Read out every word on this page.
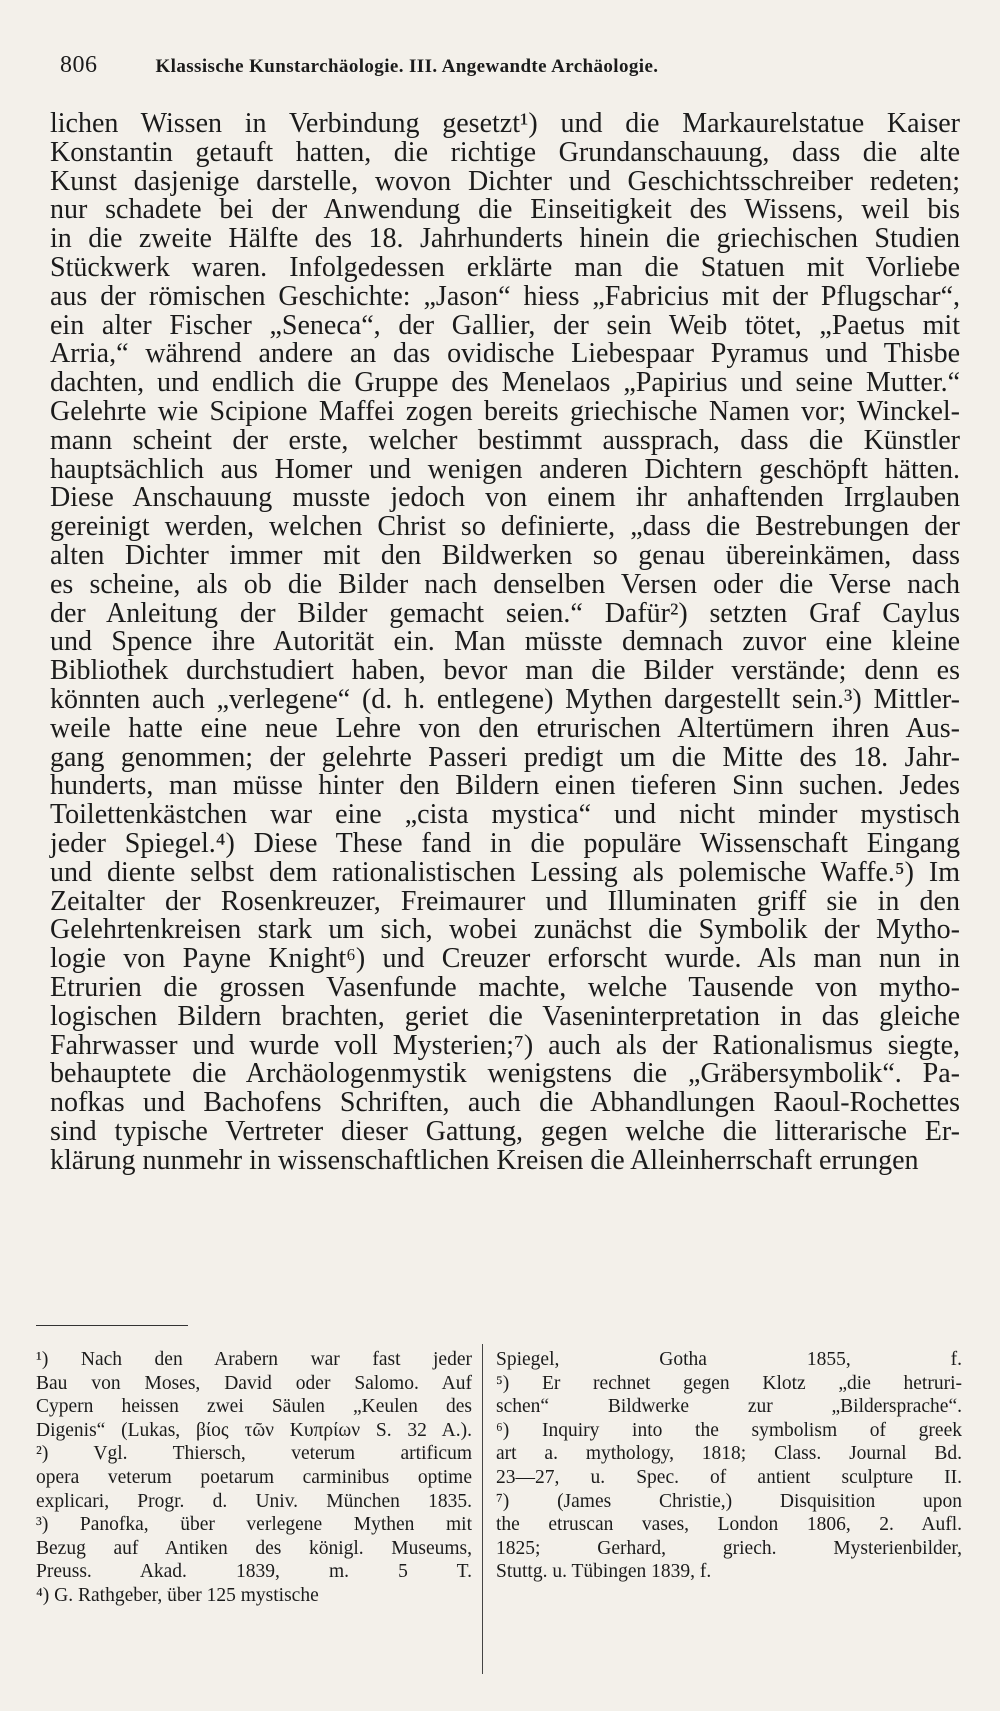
806	Klassische Kunstarchäologie. III. Angewandte Archäologie.
lichen Wissen in Verbindung gesetzt¹) und die Markaurelstatue Kaiser
Konstantin getauft hatten, die richtige Grundanschauung, dass die alte
Kunst dasjenige darstelle, wovon Dichter und Geschichtsschreiber redeten;
nur schadete bei der Anwendung die Einseitigkeit des Wissens, weil bis
in die zweite Hälfte des 18. Jahrhunderts hinein die griechischen Studien
Stückwerk waren. Infolgedessen erklärte man die Statuen mit Vorliebe
aus der römischen Geschichte: „Jason“ hiess „Fabricius mit der Pflugschar“,
ein alter Fischer „Seneca“, der Gallier, der sein Weib tötet, „Paetus mit
Arria,“ während andere an das ovidische Liebespaar Pyramus und Thisbe
dachten, und endlich die Gruppe des Menelaos „Papirius und seine Mutter.“
Gelehrte wie Scipione Maffei zogen bereits griechische Namen vor; Winckel-
mann scheint der erste, welcher bestimmt aussprach, dass die Künstler
hauptsächlich aus Homer und wenigen anderen Dichtern geschöpft hätten.
Diese Anschauung musste jedoch von einem ihr anhaftenden Irrglauben
gereinigt werden, welchen Christ so definierte, „dass die Bestrebungen der
alten Dichter immer mit den Bildwerken so genau übereinkämen, dass
es scheine, als ob die Bilder nach denselben Versen oder die Verse nach
der Anleitung der Bilder gemacht seien.“ Dafür²) setzten Graf Caylus
und Spence ihre Autorität ein. Man müsste demnach zuvor eine kleine
Bibliothek durchstudiert haben, bevor man die Bilder verstände; denn es
könnten auch „verlegene“ (d. h. entlegene) Mythen dargestellt sein.³) Mittler-
weile hatte eine neue Lehre von den etrurischen Altertümern ihren Aus-
gang genommen; der gelehrte Passeri predigt um die Mitte des 18. Jahr-
hunderts, man müsse hinter den Bildern einen tieferen Sinn suchen. Jedes
Toilettenkästchen war eine „cista mystica“ und nicht minder mystisch
jeder Spiegel.⁴) Diese These fand in die populäre Wissenschaft Eingang
und diente selbst dem rationalistischen Lessing als polemische Waffe.⁵) Im
Zeitalter der Rosenkreuzer, Freimaurer und Illuminaten griff sie in den
Gelehrtenkreisen stark um sich, wobei zunächst die Symbolik der Mytho-
logie von Payne Knight⁶) und Creuzer erforscht wurde. Als man nun in
Etrurien die grossen Vasenfunde machte, welche Tausende von mytho-
logischen Bildern brachten, geriet die Vaseninterpretation in das gleiche
Fahrwasser und wurde voll Mysterien;⁷) auch als der Rationalismus siegte,
behauptete die Archäologenmystik wenigstens die „Gräbersymbolik“. Pa-
nofkas und Bachofens Schriften, auch die Abhandlungen Raoul-Rochettes
sind typische Vertreter dieser Gattung, gegen welche die litterarische Er-
klärung nunmehr in wissenschaftlichen Kreisen die Alleinherrschaft errungen
¹) Nach den Arabern war fast jeder
Bau von Moses, David oder Salomo. Auf
Cypern heissen zwei Säulen „Keulen des
Digenis“ (Lukas, βίος τῶν Κυπρίων S. 32 A.).
²) Vgl. Thiersch, veterum artificum
opera veterum poetarum carminibus optime
explicari, Progr. d. Univ. München 1835.
³) Panofka, über verlegene Mythen mit
Bezug auf Antiken des königl. Museums,
Preuss. Akad. 1839, m. 5 T.
⁴) G. Rathgeber, über 125 mystische
Spiegel, Gotha 1855, f.
⁵) Er rechnet gegen Klotz „die hetruri-
schen“ Bildwerke zur „Bildersprache“.
⁶) Inquiry into the symbolism of greek
art a. mythology, 1818; Class. Journal Bd.
23—27, u. Spec. of antient sculpture II.
⁷) (James Christie,) Disquisition upon
the etruscan vases, London 1806, 2. Aufl.
1825; Gerhard, griech. Mysterienbilder,
Stuttg. u. Tübingen 1839, f.
